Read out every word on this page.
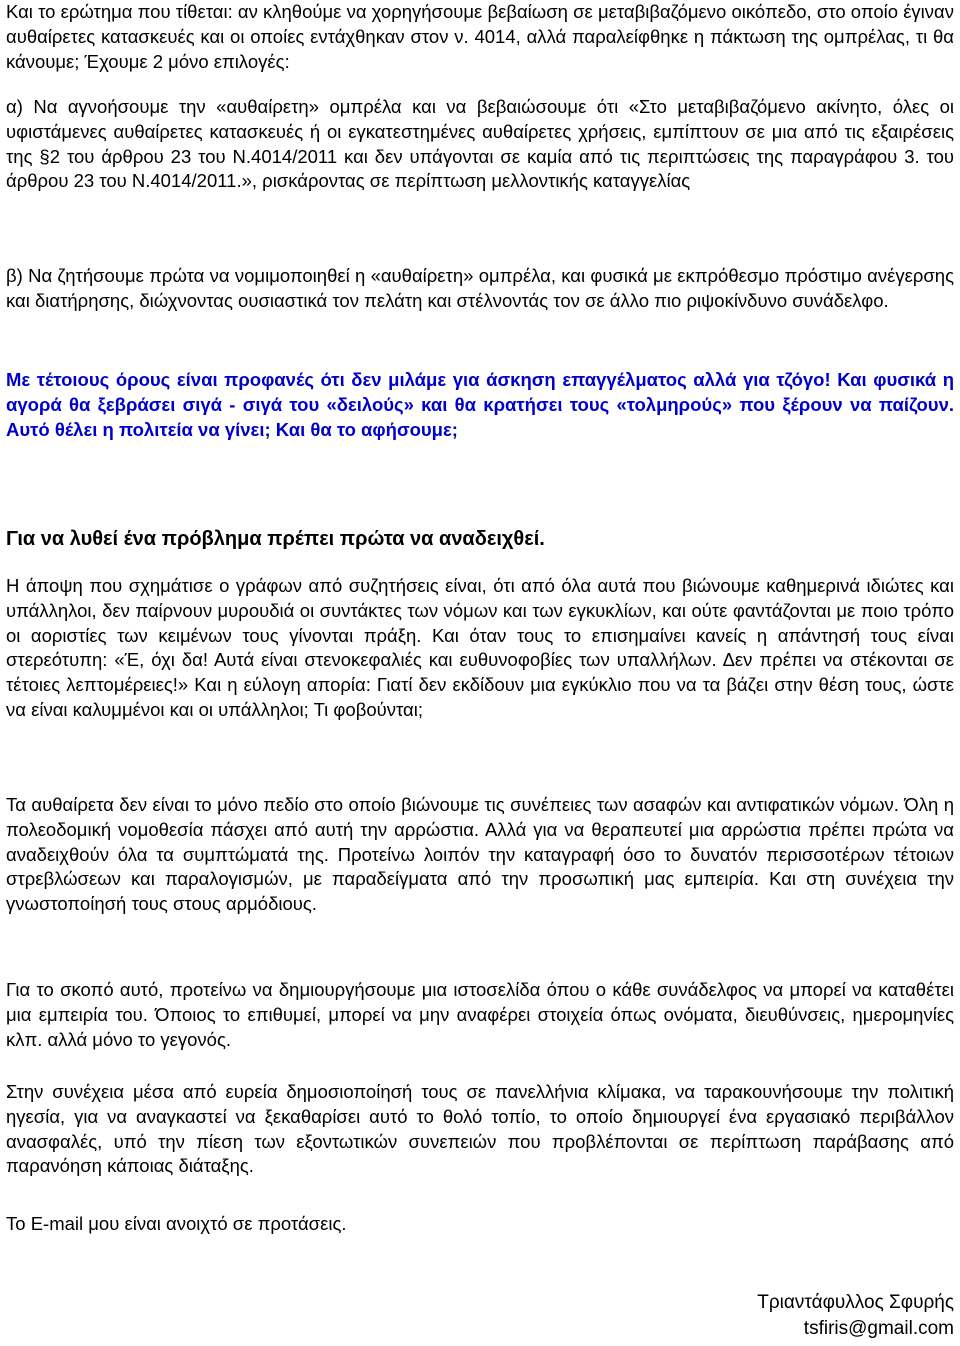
Και το ερώτημα που τίθεται: αν κληθούμε να χορηγήσουμε βεβαίωση σε μεταβιβαζόμενο οικόπεδο, στο οποίο έγιναν αυθαίρετες κατασκευές και οι οποίες εντάχθηκαν στον ν. 4014, αλλά παραλείφθηκε η πάκτωση της ομπρέλας, τι θα κάνουμε; Έχουμε 2 μόνο επιλογές:

α) Να αγνοήσουμε την «αυθαίρετη» ομπρέλα και να βεβαιώσουμε ότι «Στο μεταβιβαζόμενο ακίνητο, όλες οι υφιστάμενες αυθαίρετες κατασκευές ή οι εγκατεστημένες αυθαίρετες χρήσεις, εμπίπτουν σε μια από τις εξαιρέσεις της §2 του άρθρου 23 του Ν.4014/2011 και δεν υπάγονται σε καμία από τις περιπτώσεις της παραγράφου 3. του άρθρου 23 του Ν.4014/2011.», ρισκάροντας σε περίπτωση μελλοντικής καταγγελίας

β) Να ζητήσουμε πρώτα να νομιμοποιηθεί η «αυθαίρετη» ομπρέλα, και φυσικά με εκπρόθεσμο πρόστιμο ανέγερσης και διατήρησης, διώχνοντας ουσιαστικά τον πελάτη και στέλνοντάς τον σε άλλο πιο ριψοκίνδυνο συνάδελφο.

Με τέτοιους όρους είναι προφανές ότι δεν μιλάμε για άσκηση επαγγέλματος αλλά για τζόγο! Και φυσικά η αγορά θα ξεβράσει σιγά - σιγά του «δειλούς» και θα κρατήσει τους «τολμηρούς» που ξέρουν να παίζουν. Αυτό θέλει η πολιτεία να γίνει; Και θα το αφήσουμε;

Για να λυθεί ένα πρόβλημα πρέπει πρώτα να αναδειχθεί.

Η άποψη που σχημάτισε ο γράφων από συζητήσεις είναι, ότι από όλα αυτά που βιώνουμε καθημερινά ιδιώτες και υπάλληλοι, δεν παίρνουν μυρουδιά οι συντάκτες των νόμων και των εγκυκλίων, και ούτε φαντάζονται με ποιο τρόπο οι αοριστίες των κειμένων τους γίνονται πράξη. Και όταν τους το επισημαίνει κανείς η απάντησή τους είναι στερεότυπη: «Έ, όχι δα! Αυτά είναι στενοκεφαλιές και ευθυνοφοβίες των υπαλλήλων. Δεν πρέπει να στέκονται σε τέτοιες λεπτομέρειες!» Και η εύλογη απορία: Γιατί δεν εκδίδουν μια εγκύκλιο που να τα βάζει στην θέση τους, ώστε να είναι καλυμμένοι και οι υπάλληλοι; Τι φοβούνται;

Τα αυθαίρετα δεν είναι το μόνο πεδίο στο οποίο βιώνουμε τις συνέπειες των ασαφών και αντιφατικών νόμων. Όλη η πολεοδομική νομοθεσία πάσχει από αυτή την αρρώστια. Αλλά για να θεραπευτεί μια αρρώστια πρέπει πρώτα να αναδειχθούν όλα τα συμπτώματά της. Προτείνω λοιπόν την καταγραφή όσο το δυνατόν περισσοτέρων τέτοιων στρεβλώσεων και παραλογισμών, με παραδείγματα από την προσωπική μας εμπειρία. Και στη συνέχεια την γνωστοποίησή τους στους αρμόδιους.

Για το σκοπό αυτό, προτείνω να δημιουργήσουμε μια ιστοσελίδα όπου ο κάθε συνάδελφος να μπορεί να καταθέτει μια εμπειρία του. Όποιος το επιθυμεί, μπορεί να μην αναφέρει στοιχεία όπως ονόματα, διευθύνσεις, ημερομηνίες κλπ. αλλά μόνο το γεγονός.

Στην συνέχεια μέσα από ευρεία δημοσιοποίησή τους σε πανελλήνια κλίμακα, να ταρακουνήσουμε την πολιτική ηγεσία, για να αναγκαστεί να ξεκαθαρίσει αυτό το θολό τοπίο, το οποίο δημιουργεί ένα εργασιακό περιβάλλον ανασφαλές, υπό την πίεση των εξοντωτικών συνεπειών που προβλέπονται σε περίπτωση παράβασης από παρανόηση κάποιας διάταξης.

Το E-mail μου είναι ανοιχτό σε προτάσεις.

Τριαντάφυλλος Σφυρής
tsfiris@gmail.com
